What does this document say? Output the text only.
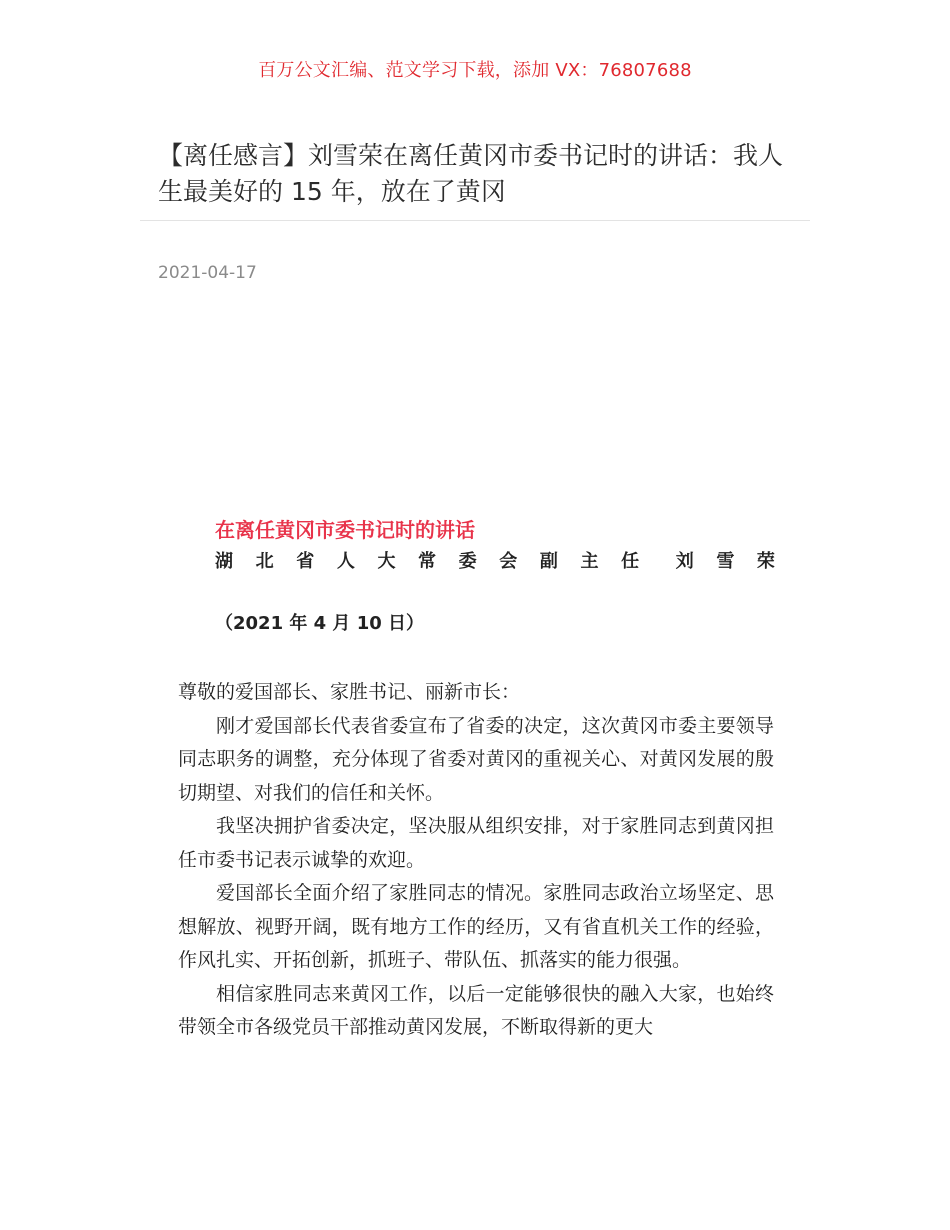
百万公文汇编、范文学习下载，添加 VX：76807688
【离任感言】刘雪荣在离任黄冈市委书记时的讲话：我人生最美好的 15 年，放在了黄冈
2021-04-17
在离任黄冈市委书记时的讲话
湖 北 省 人 大 常 委 会 副 主 任 刘 雪 荣
（2021 年 4 月 10 日）

尊敬的爱国部长、家胜书记、丽新市长：

刚才爱国部长代表省委宣布了省委的决定，这次黄冈市委主要领导同志职务的调整，充分体现了省委对黄冈的重视关心、对黄冈发展的殷切期望、对我们的信任和关怀。

我坚决拥护省委决定，坚决服从组织安排，对于家胜同志到黄冈担任市委书记表示诚挚的欢迎。

爱国部长全面介绍了家胜同志的情况。家胜同志政治立场坚定、思想解放、视野开阔，既有地方工作的经历，又有省直机关工作的经验，作风扎实、开拓创新，抓班子、带队伍、抓落实的能力很强。

相信家胜同志来黄冈工作，以后一定能够很快的融入大家，也始终带领全市各级党员干部推动黄冈发展，不断取得新的更大
